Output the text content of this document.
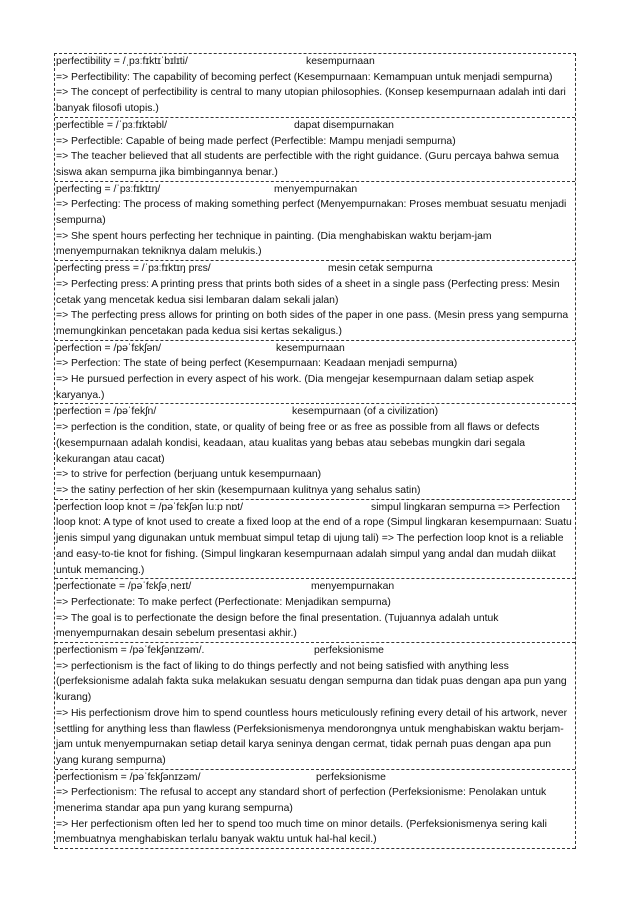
perfectibility = /ˌpɜːfɪktɪˈbɪlɪti/	kesempurnaan
=> Perfectibility: The capability of becoming perfect (Kesempurnaan: Kemampuan untuk menjadi sempurna)
=> The concept of perfectibility is central to many utopian philosophies. (Konsep kesempurnaan adalah inti dari banyak filosofi utopis.)
perfectible = /ˈpɜːfɪktəbl/	dapat disempurnakan
=> Perfectible: Capable of being made perfect (Perfectible: Mampu menjadi sempurna)
=> The teacher believed that all students are perfectible with the right guidance. (Guru percaya bahwa semua siswa akan sempurna jika bimbingannya benar.)
perfecting = /ˈpɜːfɪktɪŋ/	menyempurnakan
=> Perfecting: The process of making something perfect (Menyempurnakan: Proses membuat sesuatu menjadi sempurna)
=> She spent hours perfecting her technique in painting. (Dia menghabiskan waktu berjam-jam menyempurnakan tekniknya dalam melukis.)
perfecting press = /ˈpɜːfɪktɪŋ prɛs/	mesin cetak sempurna
=> Perfecting press: A printing press that prints both sides of a sheet in a single pass (Perfecting press: Mesin cetak yang mencetak kedua sisi lembaran dalam sekali jalan)
=> The perfecting press allows for printing on both sides of the paper in one pass. (Mesin press yang sempurna memungkinkan pencetakan pada kedua sisi kertas sekaligus.)
perfection = /pəˈfɛkʃən/	kesempurnaan
=> Perfection: The state of being perfect (Kesempurnaan: Keadaan menjadi sempurna)
=> He pursued perfection in every aspect of his work. (Dia mengejar kesempurnaan dalam setiap aspek karyanya.)
perfection = /pəˈfekʃn/	kesempurnaan (of a civilization)
=> perfection is the condition, state, or quality of being free or as free as possible from all flaws or defects (kesempurnaan adalah kondisi, keadaan, atau kualitas yang bebas atau sebebas mungkin dari segala kekurangan atau cacat)
=> to strive for perfection (berjuang untuk kesempurnaan)
=> the satiny perfection of her skin (kesempurnaan kulitnya yang sehalus satin)
perfection loop knot = /pəˈfɛkʃən luːp nɒt/	simpul lingkaran sempurna => Perfection
loop knot: A type of knot used to create a fixed loop at the end of a rope (Simpul lingkaran kesempurnaan: Suatu jenis simpul yang digunakan untuk membuat simpul tetap di ujung tali) => The perfection loop knot is a reliable and easy-to-tie knot for fishing. (Simpul lingkaran kesempurnaan adalah simpul yang andal dan mudah diikat untuk memancing.)
perfectionate = /pəˈfɛkʃəˌneɪt/	menyempurnakan
=> Perfectionate: To make perfect (Perfectionate: Menjadikan sempurna)
=> The goal is to perfectionate the design before the final presentation. (Tujuannya adalah untuk menyempurnakan desain sebelum presentasi akhir.)
perfectionism = /pəˈfekʃənɪzəm/.	perfeksionisme
=> perfectionism is the fact of liking to do things perfectly and not being satisfied with anything less (perfeksionisme adalah fakta suka melakukan sesuatu dengan sempurna dan tidak puas dengan apa pun yang kurang)
=> His perfectionism drove him to spend countless hours meticulously refining every detail of his artwork, never settling for anything less than flawless (Perfeksionismenya mendorongnya untuk menghabiskan waktu berjam-jam untuk menyempurnakan setiap detail karya seninya dengan cermat, tidak pernah puas dengan apa pun yang kurang sempurna)
perfectionism = /pəˈfɛkʃənɪzəm/	perfeksionisme
=> Perfectionism: The refusal to accept any standard short of perfection (Perfeksionisme: Penolakan untuk menerima standar apa pun yang kurang sempurna)
=> Her perfectionism often led her to spend too much time on minor details. (Perfeksionismenya sering kali membuatnya menghabiskan terlalu banyak waktu untuk hal-hal kecil.)
